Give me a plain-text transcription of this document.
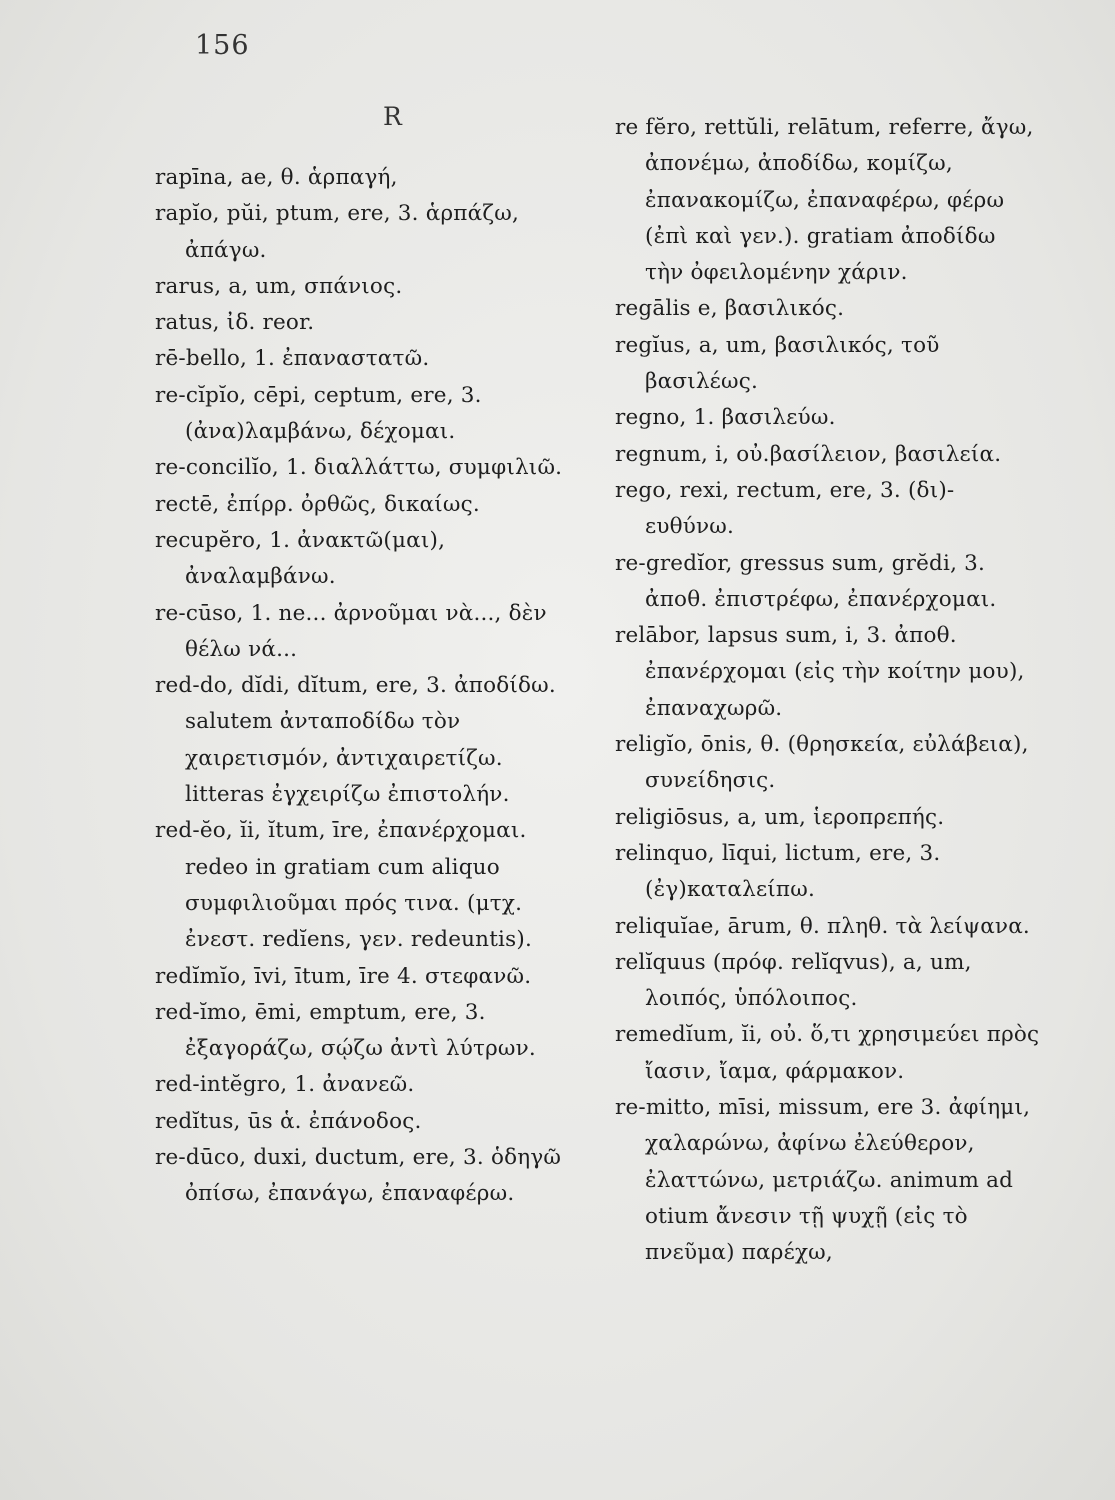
156
R

rapīna, ae, θ. ἁρπαγή,

rapĭo, pŭi, ptum, ere, 3. ἁρπάζω, ἀπάγω.

rarus, a, um, σπάνιος.

ratus, ἰδ. reor.

rē-bello, 1. ἐπαναστατῶ.

re-cĭpĭo, cēpi, ceptum, ere, 3. (ἀνα)λαμβάνω, δέχομαι.

re-concilĭo, 1. διαλλάττω, συμφιλιῶ.

rectē, ἐπίρρ. ὀρθῶς, δικαίως.

recupĕro, 1. ἀνακτῶ(μαι), ἀναλαμβάνω.

re-cūso, 1. ne... ἀρνοῦμαι νὰ..., δὲν θέλω νά...

red-do, dĭdi, dĭtum, ere, 3. ἀποδίδω. salutem ἀνταποδίδω τὸν χαιρετισμόν, ἀντιχαιρετίζω. litteras ἐγχειρίζω ἐπιστολήν.

red-ĕo, ĭi, ĭtum, īre, ἐπανέρχομαι. redeo in gratiam cum aliquo συμφιλιοῦμαι πρός τινα. (μτχ. ἐνεστ. redĭens, γεν. redeuntis).

redĭmĭo, īvi, ītum, īre 4. στεφανῶ.

red-ĭmo, ēmi, emptum, ere, 3. ἐξαγοράζω, σῴζω ἀντὶ λύτρων.

red-intĕgro, 1. ἀνανεῶ.

redĭtus, ūs ἁ. ἐπάνοδος.

re-dūco, duxi, ductum, ere, 3. ὁδηγῶ ὀπίσω, ἐπανάγω, ἐπαναφέρω.

re fĕro, rettŭli, relātum, referre, ἄγω, ἀπονέμω, ἀποδίδω, κομίζω, ἐπανακομίζω, ἐπαναφέρω, φέρω (ἐπὶ καὶ γεν.). gratiam ἀποδίδω τὴν ὀφειλομένην χάριν.

regālis e, βασιλικός.

regĭus, a, um, βασιλικός, τοῦ βασιλέως.

regno, 1. βασιλεύω.

regnum, i, οὐ.βασίλειον, βασιλεία.

rego, rexi, rectum, ere, 3. (δι)-ευθύνω.

re-gredĭor, gressus sum, grĕdi, 3. ἀποθ. ἐπιστρέφω, ἐπανέρχομαι.

relābor, lapsus sum, i, 3. ἀποθ. ἐπανέρχομαι (εἰς τὴν κοίτην μου), ἐπαναχωρῶ.

religĭo, ōnis, θ. (θρησκεία, εὐλάβεια), συνείδησις.

religiōsus, a, um, ἱεροπρεπής.

relinquo, līqui, lictum, ere, 3. (ἐγ)καταλείπω.

reliquĭae, ārum, θ. πληθ. τὰ λείψανα.

relĭquus (πρόφ. relĭqvus), a, um, λοιπός, ὑπόλοιπος.

remedĭum, ĭi, οὐ. ὅ,τι χρησιμεύει πρὸς ἴασιν, ἴαμα, φάρμακον.

re-mitto, mīsi, missum, ere 3. ἀφίημι, χαλαρώνω, ἀφίνω ἐλεύθερον, ἐλαττώνω, μετριάζω. animum ad otium ἄνεσιν τῇ ψυχῇ (εἰς τὸ πνεῦμα) παρέχω,
